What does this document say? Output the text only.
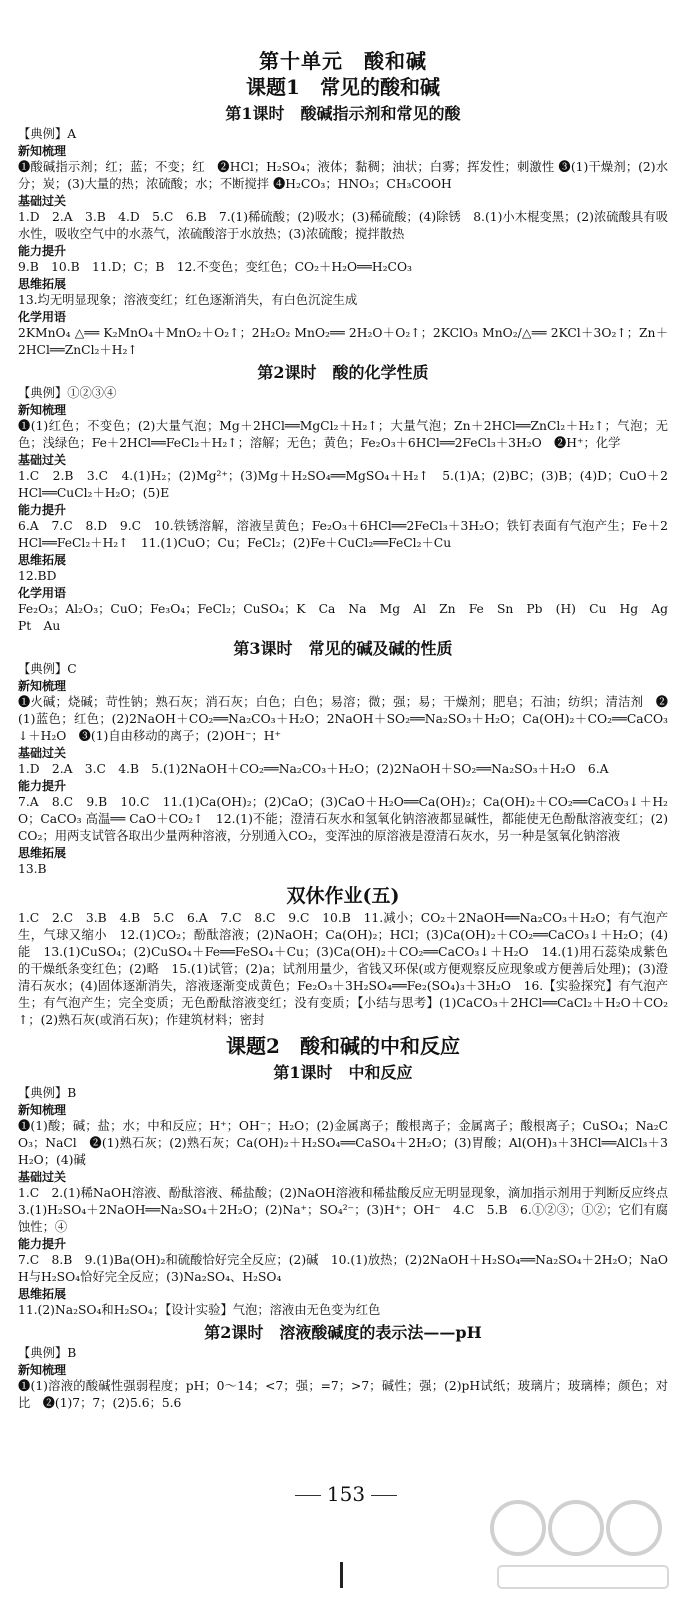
第十单元　酸和碱
课题1　常见的酸和碱
第1课时　酸碱指示剂和常见的酸
【典例】A
新知梳理
❶酸碱指示剂；红；蓝；不变；红　❷HCl；H₂SO₄；液体；黏稠；油状；白雾；挥发性；刺激性 ❸(1)干燥剂；(2)水分；炭；(3)大量的热；浓硫酸；水；不断搅拌 ❹H₂CO₃；HNO₃；CH₃COOH
基础过关
1.D　2.A　3.B　4.D　5.C　6.B　7.(1)稀硫酸；(2)吸水；(3)稀硫酸；(4)除锈　8.(1)小木棍变黑；(2)浓硫酸具有吸水性，吸收空气中的水蒸气，浓硫酸溶于水放热；(3)浓硫酸；搅拌散热
能力提升
9.B　10.B　11.D；C；B　12.不变色；变红色；CO₂＋H₂O══H₂CO₃
思维拓展
13.均无明显现象；溶液变红；红色逐渐消失，有白色沉淀生成
化学用语
2KMnO₄ △══ K₂MnO₄＋MnO₂＋O₂↑；2H₂O₂ MnO₂══ 2H₂O＋O₂↑；2KClO₃ MnO₂/△══ 2KCl＋3O₂↑；Zn＋2HCl══ZnCl₂＋H₂↑
第2课时　酸的化学性质
【典例】①②③④
新知梳理
❶(1)红色；不变色；(2)大量气泡；Mg＋2HCl══MgCl₂＋H₂↑；大量气泡；Zn＋2HCl══ZnCl₂＋H₂↑；气泡；无色；浅绿色；Fe＋2HCl══FeCl₂＋H₂↑；溶解；无色；黄色；Fe₂O₃＋6HCl══2FeCl₃＋3H₂O　❷H⁺；化学
基础过关
1.C　2.B　3.C　4.(1)H₂；(2)Mg²⁺；(3)Mg＋H₂SO₄══MgSO₄＋H₂↑　5.(1)A；(2)BC；(3)B；(4)D；CuO＋2HCl══CuCl₂＋H₂O；(5)E
能力提升
6.A　7.C　8.D　9.C　10.铁锈溶解，溶液呈黄色；Fe₂O₃＋6HCl══2FeCl₃＋3H₂O；铁钉表面有气泡产生；Fe＋2HCl══FeCl₂＋H₂↑　11.(1)CuO；Cu；FeCl₂；(2)Fe＋CuCl₂══FeCl₂＋Cu
思维拓展
12.BD
化学用语
Fe₂O₃；Al₂O₃；CuO；Fe₃O₄；FeCl₂；CuSO₄；K　Ca　Na　Mg　Al　Zn　Fe　Sn　Pb　(H)　Cu　Hg　Ag　Pt　Au
第3课时　常见的碱及碱的性质
【典例】C
新知梳理
❶火碱；烧碱；苛性钠；熟石灰；消石灰；白色；白色；易溶；微；强；易；干燥剂；肥皂；石油；纺织；清洁剂　❷(1)蓝色；红色；(2)2NaOH＋CO₂══Na₂CO₃＋H₂O；2NaOH＋SO₂══Na₂SO₃＋H₂O；Ca(OH)₂＋CO₂══CaCO₃↓＋H₂O　❸(1)自由移动的离子；(2)OH⁻；H⁺
基础过关
1.D　2.A　3.C　4.B　5.(1)2NaOH＋CO₂══Na₂CO₃＋H₂O；(2)2NaOH＋SO₂══Na₂SO₃＋H₂O　6.A
能力提升
7.A　8.C　9.B　10.C　11.(1)Ca(OH)₂；(2)CaO；(3)CaO＋H₂O══Ca(OH)₂；Ca(OH)₂＋CO₂══CaCO₃↓＋H₂O；CaCO₃ 高温══ CaO＋CO₂↑　12.(1)不能；澄清石灰水和氢氧化钠溶液都显碱性，都能使无色酚酞溶液变红；(2)CO₂；用两支试管各取出少量两种溶液，分别通入CO₂，变浑浊的原溶液是澄清石灰水，另一种是氢氧化钠溶液
思维拓展
13.B
双休作业(五)
1.C　2.C　3.B　4.B　5.C　6.A　7.C　8.C　9.C　10.B　11.减小；CO₂＋2NaOH══Na₂CO₃＋H₂O；有气泡产生，气球又缩小　12.(1)CO₂；酚酞溶液；(2)NaOH；Ca(OH)₂；HCl；(3)Ca(OH)₂＋CO₂══CaCO₃↓＋H₂O；(4)能　13.(1)CuSO₄；(2)CuSO₄＋Fe══FeSO₄＋Cu；(3)Ca(OH)₂＋CO₂══CaCO₃↓＋H₂O　14.(1)用石蕊染成紫色的干燥纸条变红色；(2)略　15.(1)试管；(2)a；试剂用量少，省钱又环保(或方便观察反应现象或方便善后处理)；(3)澄清石灰水；(4)固体逐渐消失，溶液逐渐变成黄色；Fe₂O₃＋3H₂SO₄══Fe₂(SO₄)₃＋3H₂O　16.【实验探究】有气泡产生；有气泡产生；完全变质；无色酚酞溶液变红；没有变质；【小结与思考】(1)CaCO₃＋2HCl══CaCl₂＋H₂O＋CO₂↑；(2)熟石灰(或消石灰)；作建筑材料；密封
课题2　酸和碱的中和反应
第1课时　中和反应
【典例】B
新知梳理
❶(1)酸；碱；盐；水；中和反应；H⁺；OH⁻；H₂O；(2)金属离子；酸根离子；金属离子；酸根离子；CuSO₄；Na₂CO₃；NaCl　❷(1)熟石灰；(2)熟石灰；Ca(OH)₂＋H₂SO₄══CaSO₄＋2H₂O；(3)胃酸；Al(OH)₃＋3HCl══AlCl₃＋3H₂O；(4)碱
基础过关
1.C　2.(1)稀NaOH溶液、酚酞溶液、稀盐酸；(2)NaOH溶液和稀盐酸反应无明显现象，滴加指示剂用于判断反应终点　3.(1)H₂SO₄＋2NaOH══Na₂SO₄＋2H₂O；(2)Na⁺；SO₄²⁻；(3)H⁺；OH⁻　4.C　5.B　6.①②③；①②；它们有腐蚀性；④
能力提升
7.C　8.B　9.(1)Ba(OH)₂和硫酸恰好完全反应；(2)碱　10.(1)放热；(2)2NaOH＋H₂SO₄══Na₂SO₄＋2H₂O；NaOH与H₂SO₄恰好完全反应；(3)Na₂SO₄、H₂SO₄
思维拓展
11.(2)Na₂SO₄和H₂SO₄；【设计实验】气泡；溶液由无色变为红色
第2课时　溶液酸碱度的表示法——pH
【典例】B
新知梳理
❶(1)溶液的酸碱性强弱程度；pH；0～14；<7；强；=7；>7；碱性；强；(2)pH试纸；玻璃片；玻璃棒；颜色；对比　❷(1)7；7；(2)5.6；5.6
153
